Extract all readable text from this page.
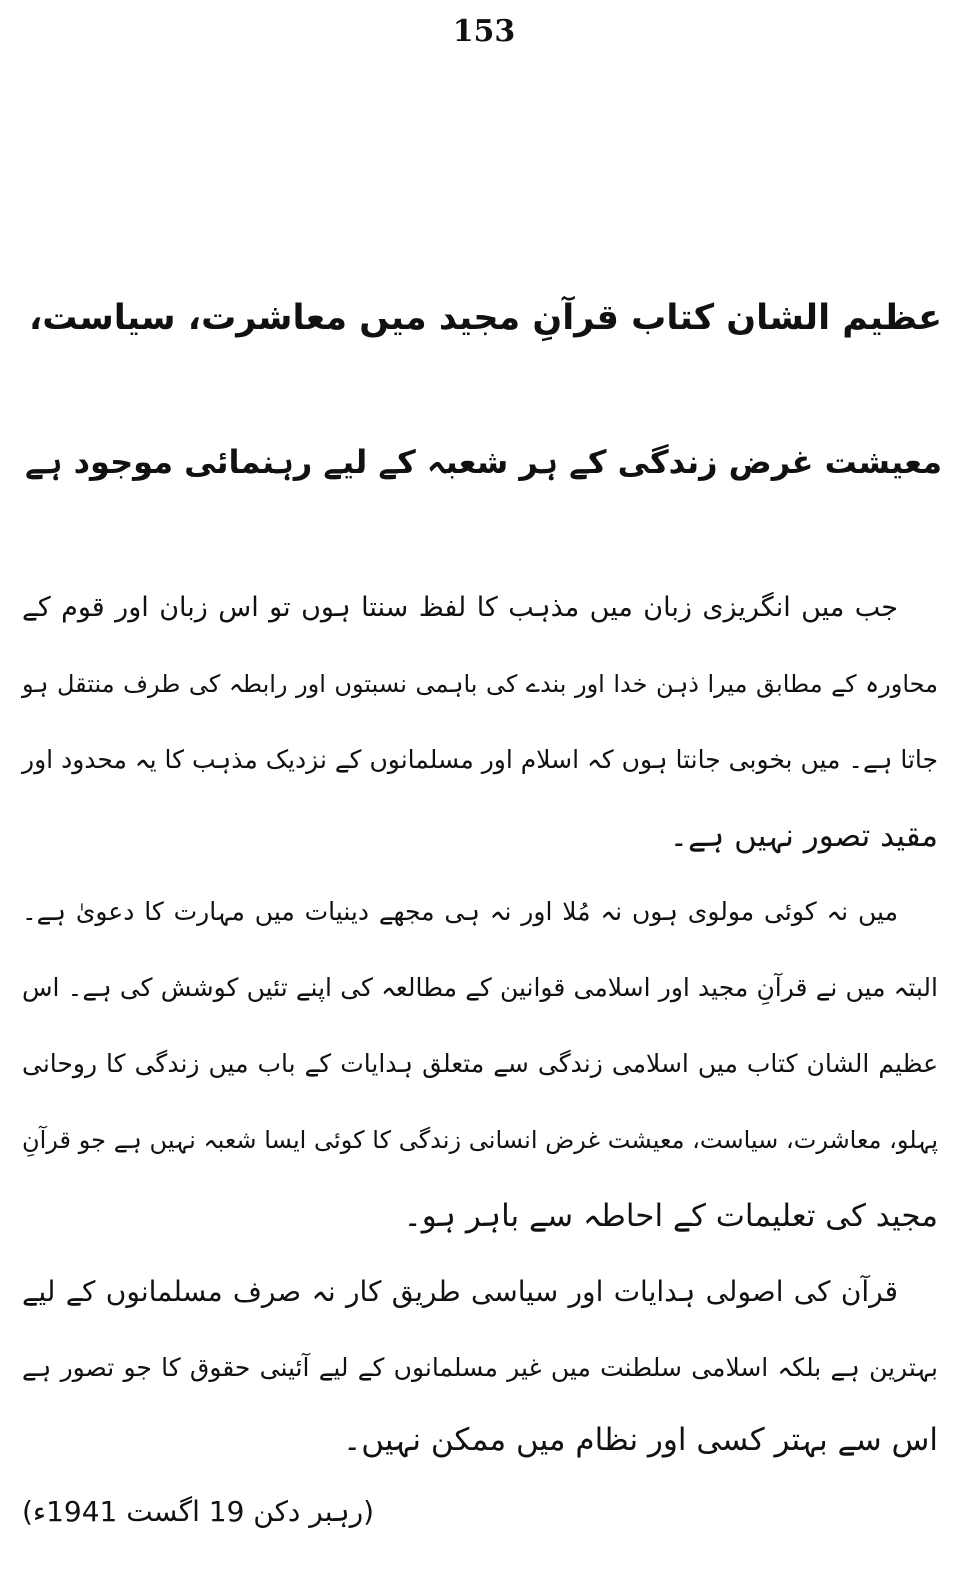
153
عظیم الشان کتاب قرآنِ مجید میں معاشرت، سیاست،
معیشت غرض زندگی کے ہر شعبہ کے لیے رہنمائی موجود ہے
جب میں انگریزی زبان میں مذہب کا لفظ سنتا ہوں تو اس زبان اور قوم کے
محاورہ کے مطابق میرا ذہن خدا اور بندے کی باہمی نسبتوں اور رابطہ کی طرف منتقل ہو
جاتا ہے۔ میں بخوبی جانتا ہوں کہ اسلام اور مسلمانوں کے نزدیک مذہب کا یہ محدود اور
مقید تصور نہیں ہے۔
میں نہ کوئی مولوی ہوں نہ مُلا اور نہ ہی مجھے دینیات میں مہارت کا دعویٰ ہے۔
البتہ میں نے قرآنِ مجید اور اسلامی قوانین کے مطالعہ کی اپنے تئیں کوشش کی ہے۔ اس
عظیم الشان کتاب میں اسلامی زندگی سے متعلق ہدایات کے باب میں زندگی کا روحانی
پہلو، معاشرت، سیاست، معیشت غرض انسانی زندگی کا کوئی ایسا شعبہ نہیں ہے جو قرآنِ
مجید کی تعلیمات کے احاطہ سے باہر ہو۔
قرآن کی اصولی ہدایات اور سیاسی طریق کار نہ صرف مسلمانوں کے لیے
بہترین ہے بلکہ اسلامی سلطنت میں غیر مسلمانوں کے لیے آئینی حقوق کا جو تصور ہے
اس سے بہتر کسی اور نظام میں ممکن نہیں۔
(رہبر دکن 19 اگست 1941ء)
